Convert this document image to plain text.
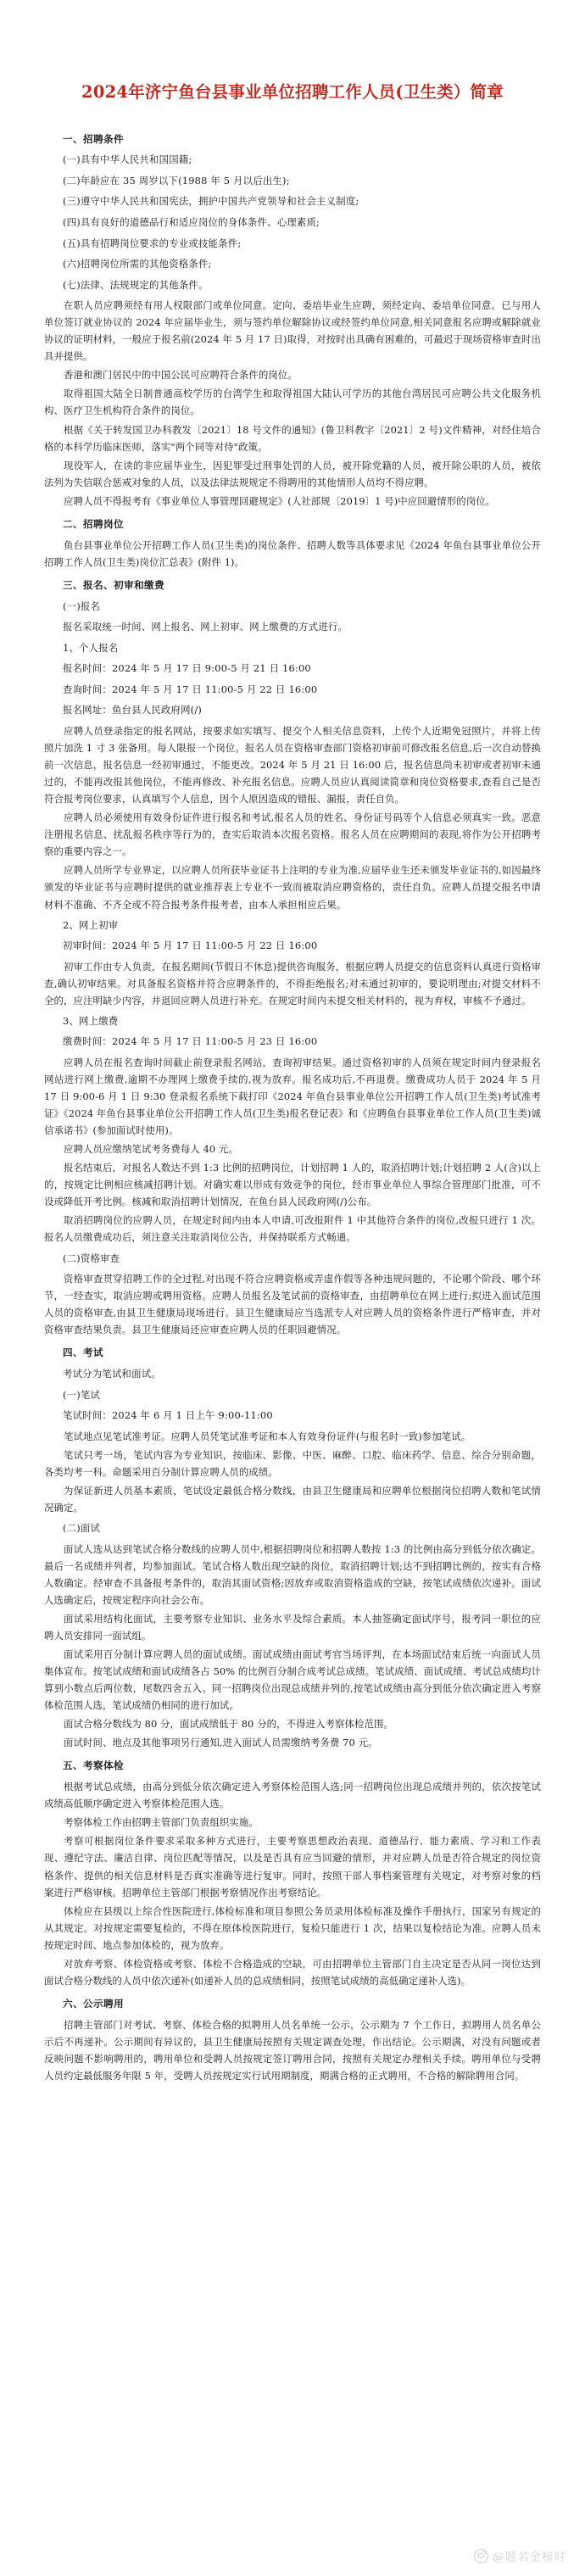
2024年济宁鱼台县事业单位招聘工作人员(卫生类）简章
一、招聘条件
(一)具有中华人民共和国国籍;
(二)年龄应在 35 周岁以下(1988 年 5 月以后出生);
(三)遵守中华人民共和国宪法，拥护中国共产党领导和社会主义制度;
(四)具有良好的道德品行和适应岗位的身体条件、心理素质;
(五)具有招聘岗位要求的专业或技能条件;
(六)招聘岗位所需的其他资格条件;
(七)法律、法规规定的其他条件。

在职人员应聘须经有用人权限部门或单位同意。定向、委培毕业生应聘，须经定向、委培单位同意。已与用人单位签订就业协议的 2024 年应届毕业生，须与签约单位解除协议或经签约单位同意,相关同意报名应聘或解除就业协议的证明材料，一般应于报名前(2024 年 5 月 17 日)取得，对按时出具确有困难的，可最迟于现场资格审查时出具并提供。

香港和澳门居民中的中国公民可应聘符合条件的岗位。

取得祖国大陆全日制普通高校学历的台湾学生和取得祖国大陆认可学历的其他台湾居民可应聘公共文化服务机构、医疗卫生机构符合条件的岗位。

根据《关于转发国卫办科教发〔2021〕18 号文件的通知》(鲁卫科教字〔2021〕2 号)文件精神，对经住培合格的本科学历临床医师，落实"两个同等对待"政策。

现役军人，在读的非应届毕业生，因犯罪受过刑事处罚的人员，被开除党籍的人员，被开除公职的人员，被依法列为失信联合惩戒对象的人员，以及法律法规规定不得聘用的其他情形人员均不得应聘。

应聘人员不得报考有《事业单位人事管理回避规定》(人社部规〔2019〕1 号)中应回避情形的岗位。

二、招聘岗位

鱼台县事业单位公开招聘工作人员(卫生类)的岗位条件、招聘人数等具体要求见《2024 年鱼台县事业单位公开招聘工作人员(卫生类)岗位汇总表》(附件 1)。

三、报名、初审和缴费
(一)报名
报名采取统一时间、网上报名、网上初审、网上缴费的方式进行。
1、个人报名
报名时间：2024 年 5 月 17 日 9:00-5 月 21 日 16:00
查询时间：2024 年 5 月 17 日 11:00-5 月 22 日 16:00
报名网址：鱼台县人民政府网(/)

应聘人员登录指定的报名网站，按要求如实填写、提交个人相关信息资料，上传个人近期免冠照片，并将上传照片加洗 1 寸 3 张备用。每人限报一个岗位。报名人员在资格审查部门资格初审前可修改报名信息,后一次自动替换前一次信息，报名信息一经初审通过，不能更改。2024 年 5 月 21 日 16:00 后，报名信息尚未初审或者初审未通过的，不能再改报其他岗位，不能再修改、补充报名信息。应聘人员应认真阅读简章和岗位资格要求,查看自己是否符合报考岗位要求，认真填写个人信息，因个人原因造成的错报、漏报，责任自负。

应聘人员必须使用有效身份证件进行报名和考试,报名人员的姓名、身份证号码等个人信息必须真实一致。恶意注册报名信息、扰乱报名秩序等行为的，查实后取消本次报名资格。报名人员在应聘期间的表现,将作为公开招聘考察的重要内容之一。

应聘人员所学专业界定，以应聘人员所获毕业证书上注明的专业为准,应届毕业生还未颁发毕业证书的,如因最终颁发的毕业证书与应聘时提供的就业推荐表上专业不一致而被取消应聘资格的，责任自负。应聘人员提交报名申请材料不准确、不齐全或不符合报考条件报考者，由本人承担相应后果。

2、网上初审
初审时间：2024 年 5 月 17 日 11:00-5 月 22 日 16:00

初审工作由专人负责，在报名期间(节假日不休息)提供咨询服务，根据应聘人员提交的信息资料认真进行资格审查,确认初审结果。对具备报名资格并符合应聘条件的，不得拒绝报名;对未通过初审的，要说明理由;对提交材料不全的，应注明缺少内容，并退回应聘人员进行补充。在规定时间内未提交相关材料的，视为弃权，审核不予通过。

3、网上缴费
缴费时间：2024 年 5 月 17 日 11:00-5 月 23 日 16:00

应聘人员在报名查询时间截止前登录报名网站，查询初审结果。通过资格初审的人员须在规定时间内登录报名网站进行网上缴费,逾期不办理网上缴费手续的,视为放弃。报名成功后,不再退费。缴费成功人员于 2024 年 5 月 17 日 9:00-6 月 1 日 9:30 登录报名系统下载打印《2024 年鱼台县事业单位公开招聘工作人员(卫生类)考试准考证》《2024 年鱼台县事业单位公开招聘工作人员(卫生类)报名登记表》和《应聘鱼台县事业单位工作人员(卫生类)诚信承诺书》(参加面试时使用)。

应聘人员应缴纳笔试考务费每人 40 元。

报名结束后，对报名人数达不到 1:3 比例的招聘岗位，计划招聘 1 人的，取消招聘计划;计划招聘 2 人(含)以上的，按规定比例相应核减招聘计划。对确实难以形成有效竞争的岗位，经市事业单位人事综合管理部门批准，可不设或降低开考比例。核减和取消招聘计划情况，在鱼台县人民政府网(/)公布。

取消招聘岗位的应聘人员，在规定时间内由本人申请,可改报附件 1 中其他符合条件的岗位,改报只进行 1 次。报名人员缴费成功后，须注意关注取消岗位公告，并保持联系方式畅通。

(二)资格审查

资格审查贯穿招聘工作的全过程,对出现不符合应聘资格或弄虚作假等各种违规问题的，不论哪个阶段、哪个环节，一经查实，取消应聘或聘用资格。应聘人员报名及笔试前的资格审查，由招聘单位在网上进行;拟进入面试范围人员的资格审查,由县卫生健康局现场进行。县卫生健康局应当选派专人对应聘人员的资格条件进行严格审查，并对资格审查结果负责。县卫生健康局还应审查应聘人员的任职回避情况。

四、考试
考试分为笔试和面试。
(一)笔试
笔试时间：2024 年 6 月 1 日上午 9:00-11:00

笔试地点见笔试准考证。应聘人员凭笔试准考证和本人有效身份证件(与报名时一致)参加笔试。

笔试只考一场，笔试内容为专业知识，按临床、影像、中医、麻醉、口腔、临床药学、信息、综合分别命题，各类均考一科。命题采用百分制计算应聘人员的成绩。

为保证新进人员基本素质，笔试设定最低合格分数线，由县卫生健康局和应聘单位根据岗位招聘人数和笔试情况确定。

(二)面试

面试人选从达到笔试合格分数线的应聘人员中,根据招聘岗位和招聘人数按 1:3 的比例由高分到低分依次确定。最后一名成绩并列者，均参加面试。笔试合格人数出现空缺的岗位，取消招聘计划;达不到招聘比例的，按实有合格人数确定。经审查不具备报考条件的，取消其面试资格;因放弃或取消资格造成的空缺，按笔试成绩依次递补。面试人选确定后，按规定程序向社会公布。

面试采用结构化面试，主要考察专业知识、业务水平及综合素质。本人抽签确定面试序号，报考同一职位的应聘人员安排同一面试组。

面试采用百分制计算应聘人员的面试成绩。面试成绩由面试考官当场评判，在本场面试结束后统一向面试人员集体宣布。按笔试成绩和面试成绩各占 50% 的比例百分制合成考试总成绩。笔试成绩、面试成绩、考试总成绩均计算到小数点后两位数，尾数四舍五入。同一招聘岗位出现总成绩并列的,按笔试成绩由高分到低分依次确定进入考察体检范围人选，笔试成绩仍相同的进行加试。

面试合格分数线为 80 分，面试成绩低于 80 分的，不得进入考察体检范围。

面试时间、地点及其他事项另行通知,进入面试人员需缴纳考务费 70 元。

五、考察体检

根据考试总成绩，由高分到低分依次确定进入考察体检范围人选;同一招聘岗位出现总成绩并列的，依次按笔试成绩高低顺序确定进入考察体检范围人选。

考察体检工作由招聘主管部门负责组织实施。

考察可根据岗位条件要求采取多种方式进行，主要考察思想政治表现、道德品行、能力素质、学习和工作表现、遵纪守法、廉洁自律、岗位匹配等情况，以及是否具有应当回避的情形，并对应聘人员是否符合规定的岗位资格条件、提供的相关信息材料是否真实准确等进行复审。同时，按照干部人事档案管理有关规定，对考察对象的档案进行严格审核。招聘单位主管部门根据考察情况作出考察结论。

体检应在县级以上综合性医院进行,体检标准和项目参照公务员录用体检标准及操作手册执行，国家另有规定的从其规定。对按规定需要复检的，不得在原体检医院进行，复检只能进行 1 次，结果以复检结论为准。应聘人员未按规定时间、地点参加体检的，视为放弃。

对放弃考察、体检资格或考察、体检不合格造成的空缺，可由招聘单位主管部门自主决定是否从同一岗位达到面试合格分数线的人员中依次递补(如递补人员的总成绩相同，按照笔试成绩的高低确定递补人选)。

六、公示聘用

招聘主管部门对考试、考察、体检合格的拟聘用人员名单统一公示，公示期为 7 个工作日，拟聘用人员名单公示后不再递补。公示期间有异议的，县卫生健康局按照有关规定调查处理，作出结论。公示期满，对没有问题或者反映问题不影响聘用的，聘用单位和受聘人员按规定签订聘用合同，按照有关规定办理相关手续。聘用单位与受聘人员约定最低服务年限 5 年，受聘人员按规定实行试用期制度，期满合格的正式聘用，不合格的解除聘用合同。

@题名金榜时
